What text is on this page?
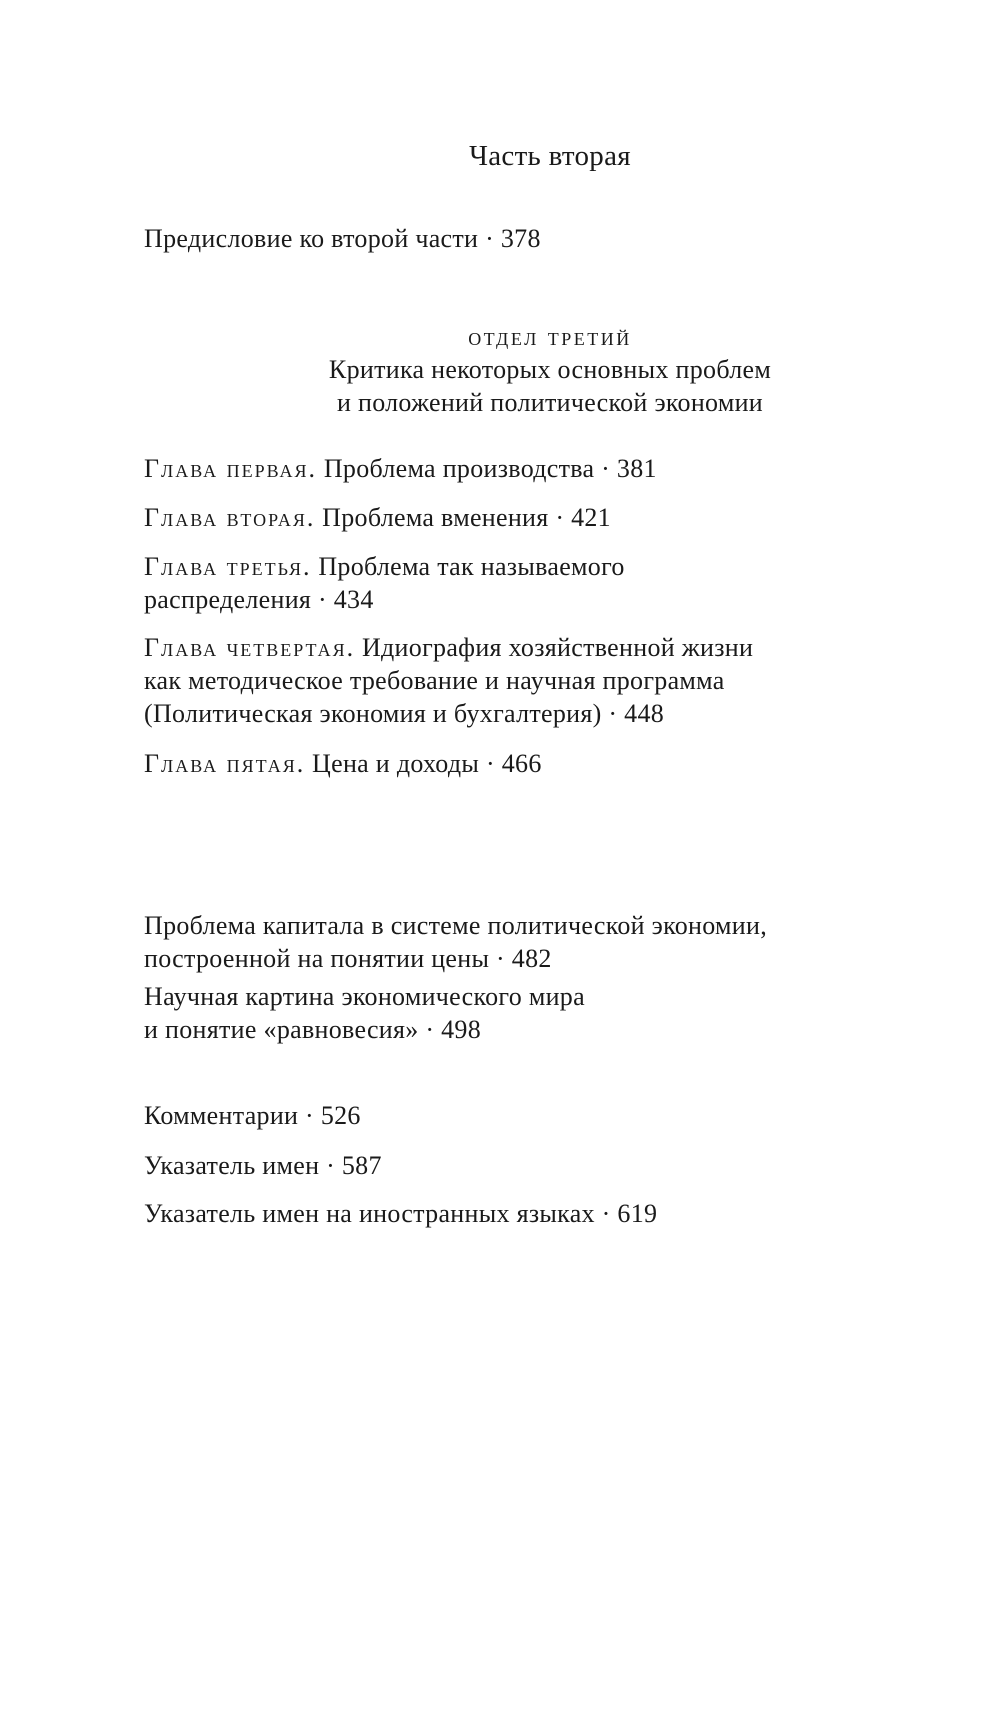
Часть вторая
Предисловие ко второй части · 378
отдел третий
Критика некоторых основных проблем
и положений политической экономии
Глава первая. Проблема производства · 381
Глава вторая. Проблема вменения · 421
Глава третья. Проблема так называемого
распределения · 434
Глава четвертая. Идиография хозяйственной жизни
как методическое требование и научная программа
(Политическая экономия и бухгалтерия) · 448
Глава пятая. Цена и доходы · 466
Проблема капитала в системе политической экономии,
построенной на понятии цены · 482
Научная картина экономического мира
и понятие «равновесия» · 498
Комментарии · 526
Указатель имен · 587
Указатель имен на иностранных языках · 619
